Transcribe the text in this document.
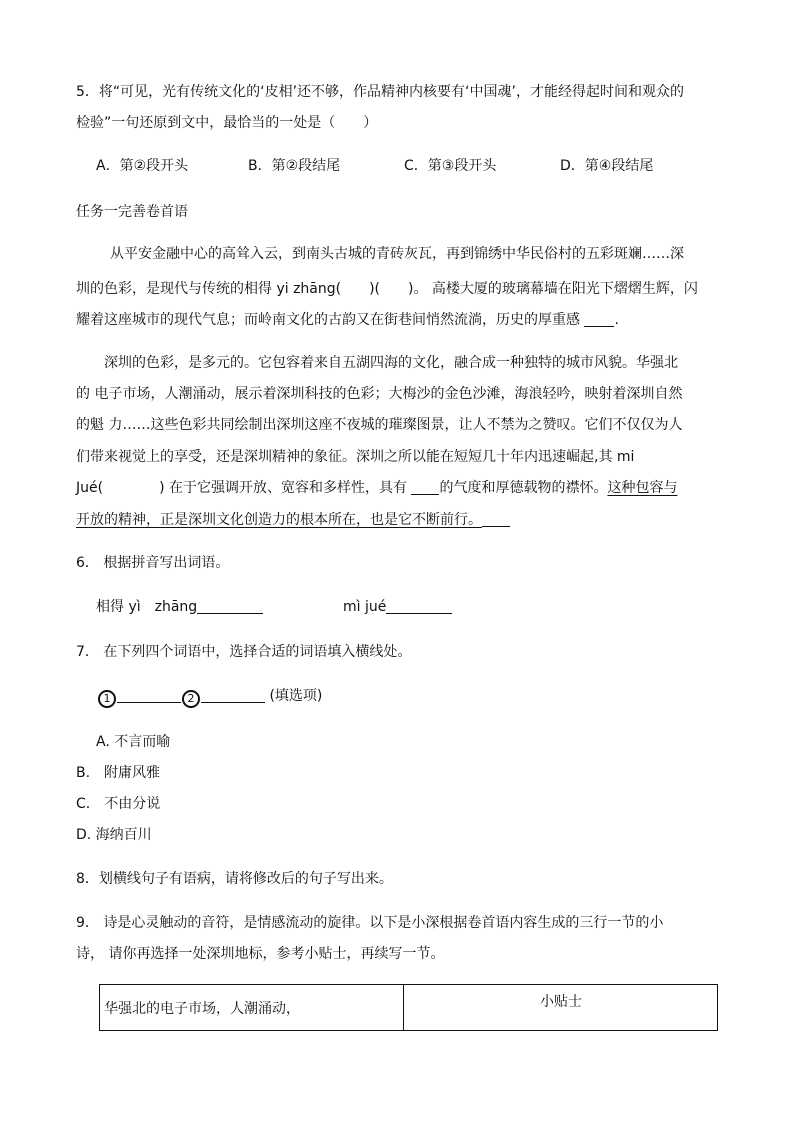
5．将“可见，光有传统文化的‘皮相’还不够，作品精神内核要有‘中国魂’，才能经得起时间和观众的
检验”一句还原到文中，最恰当的一处是（　　）
A．第②段开头	B．第②段结尾	C．第③段开头	D．第④段结尾
任务一完善卷首语
从平安金融中心的高耸入云，到南头古城的青砖灰瓦，再到锦绣中华民俗村的五彩斑斓……深
圳的色彩，是现代与传统的相得 yi zhāng(　　)(　　)。 高楼大厦的玻璃幕墙在阳光下熠熠生辉，闪
耀着这座城市的现代气息；而岭南文化的古韵又在街巷间悄然流淌，历史的厚重感 .
深圳的色彩，是多元的。它包容着来自五湖四海的文化，融合成一种独特的城市风貌。华强北
的 电子市场，人潮涌动，展示着深圳科技的色彩；大梅沙的金色沙滩，海浪轻吟，映射着深圳自然
的魁 力……这些色彩共同绘制出深圳这座不夜城的璀璨图景，让人不禁为之赞叹。它们不仅仅为人
们带来视觉上的享受，还是深圳精神的象征。深圳之所以能在短短几十年内迅速崛起,其 mi
Jué(	) 在于它强调开放、宽容和多样性，具有 的气度和厚德载物的襟怀。这种包容与
开放的精神，正是深圳文化创造力的根本所在，也是它不断前行。
6． 根据拼音写出词语。
相得 yì　zhāng	mì jué
7． 在下列四个词语中，选择合适的词语填入横线处。
1	2	(填选项)
A. 不言而喻
B.　附庸风雅
C.　不由分说
D. 海纳百川
8．划横线句子有语病，请将修改后的句子写出来。
9． 诗是心灵触动的音符，是情感流动的旋律。以下是小深根据卷首语内容生成的三行一节的小
诗， 请你再选择一处深圳地标，参考小贴士，再续写一节。
华强北的电子市场，人潮涌动，	小贴士
